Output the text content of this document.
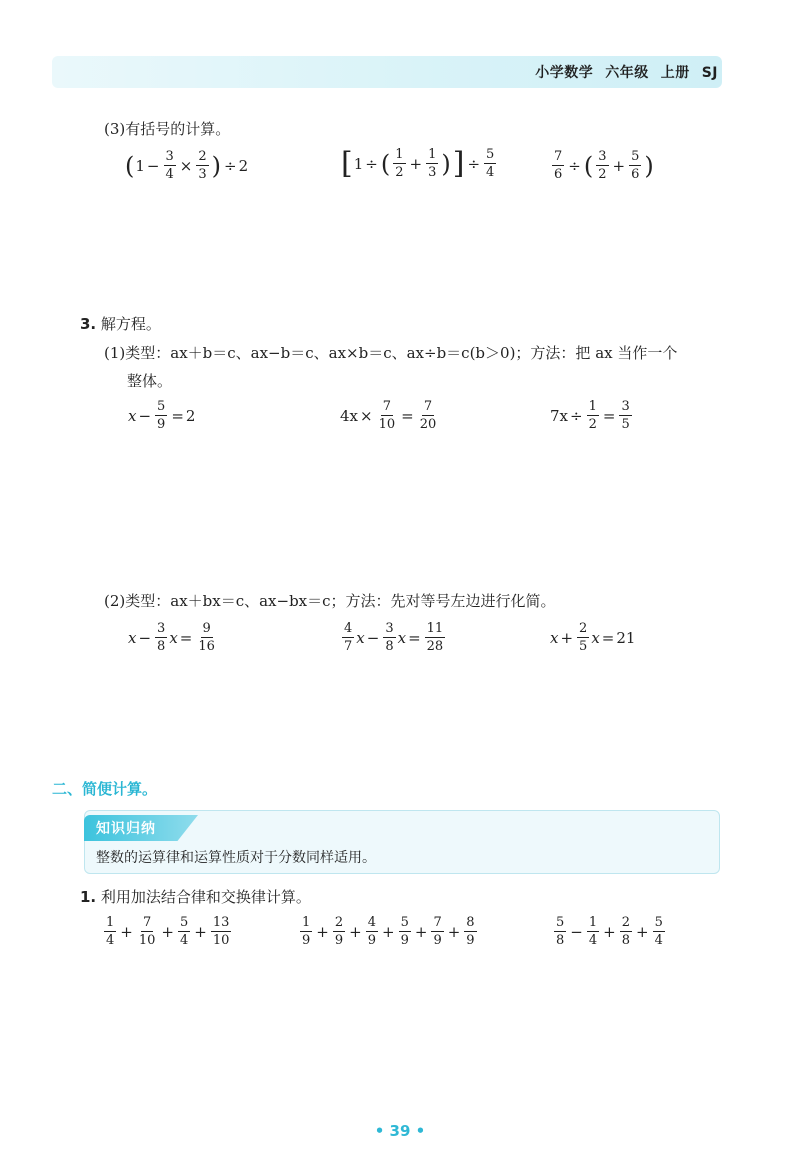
小学数学 六年级 上册 SJ
(3)有括号的计算。
( $1 - \frac{3}{4} \times \frac{2}{3}$ ) ÷ 2	[ 1 ÷ ( $\frac{1}{2} + \frac{1}{3}$ ) ] ÷ $\frac{5}{4}$	$\frac{7}{6}$ ÷ ( $\frac{3}{2} + \frac{5}{6}$ )
3. 解方程。
(1)类型：ax＋b＝c、ax−b＝c、ax×b＝c、ax÷b＝c(b＞0)；方法：把 ax 当作一个
整体。
$x - \frac{5}{9} = 2$	$4x \times \frac{7}{10} = \frac{7}{20}$	$7x \div \frac{1}{2} = \frac{3}{5}$
(2)类型：ax＋bx＝c、ax−bx＝c；方法：先对等号左边进行化简。
$x - \frac{3}{8}$ $x = \frac{9}{16}$	$\frac{4}{7}$ $x - \frac{3}{8}$ $x = \frac{11}{28}$	$x + \frac{2}{5}$ x = 21
二、简便计算。
知识归纳
整数的运算律和运算性质对于分数同样适用。
1. 利用加法结合律和交换律计算。
$\frac{1}{4} + \frac{7}{10} + \frac{5}{4} + \frac{13}{10}$	$\frac{1}{9} + \frac{2}{9} + \frac{4}{9} + \frac{5}{9} + \frac{7}{9} + \frac{8}{9}$	$\frac{5}{8} - \frac{1}{4} + \frac{2}{8} + \frac{5}{4}$
• 39 •
